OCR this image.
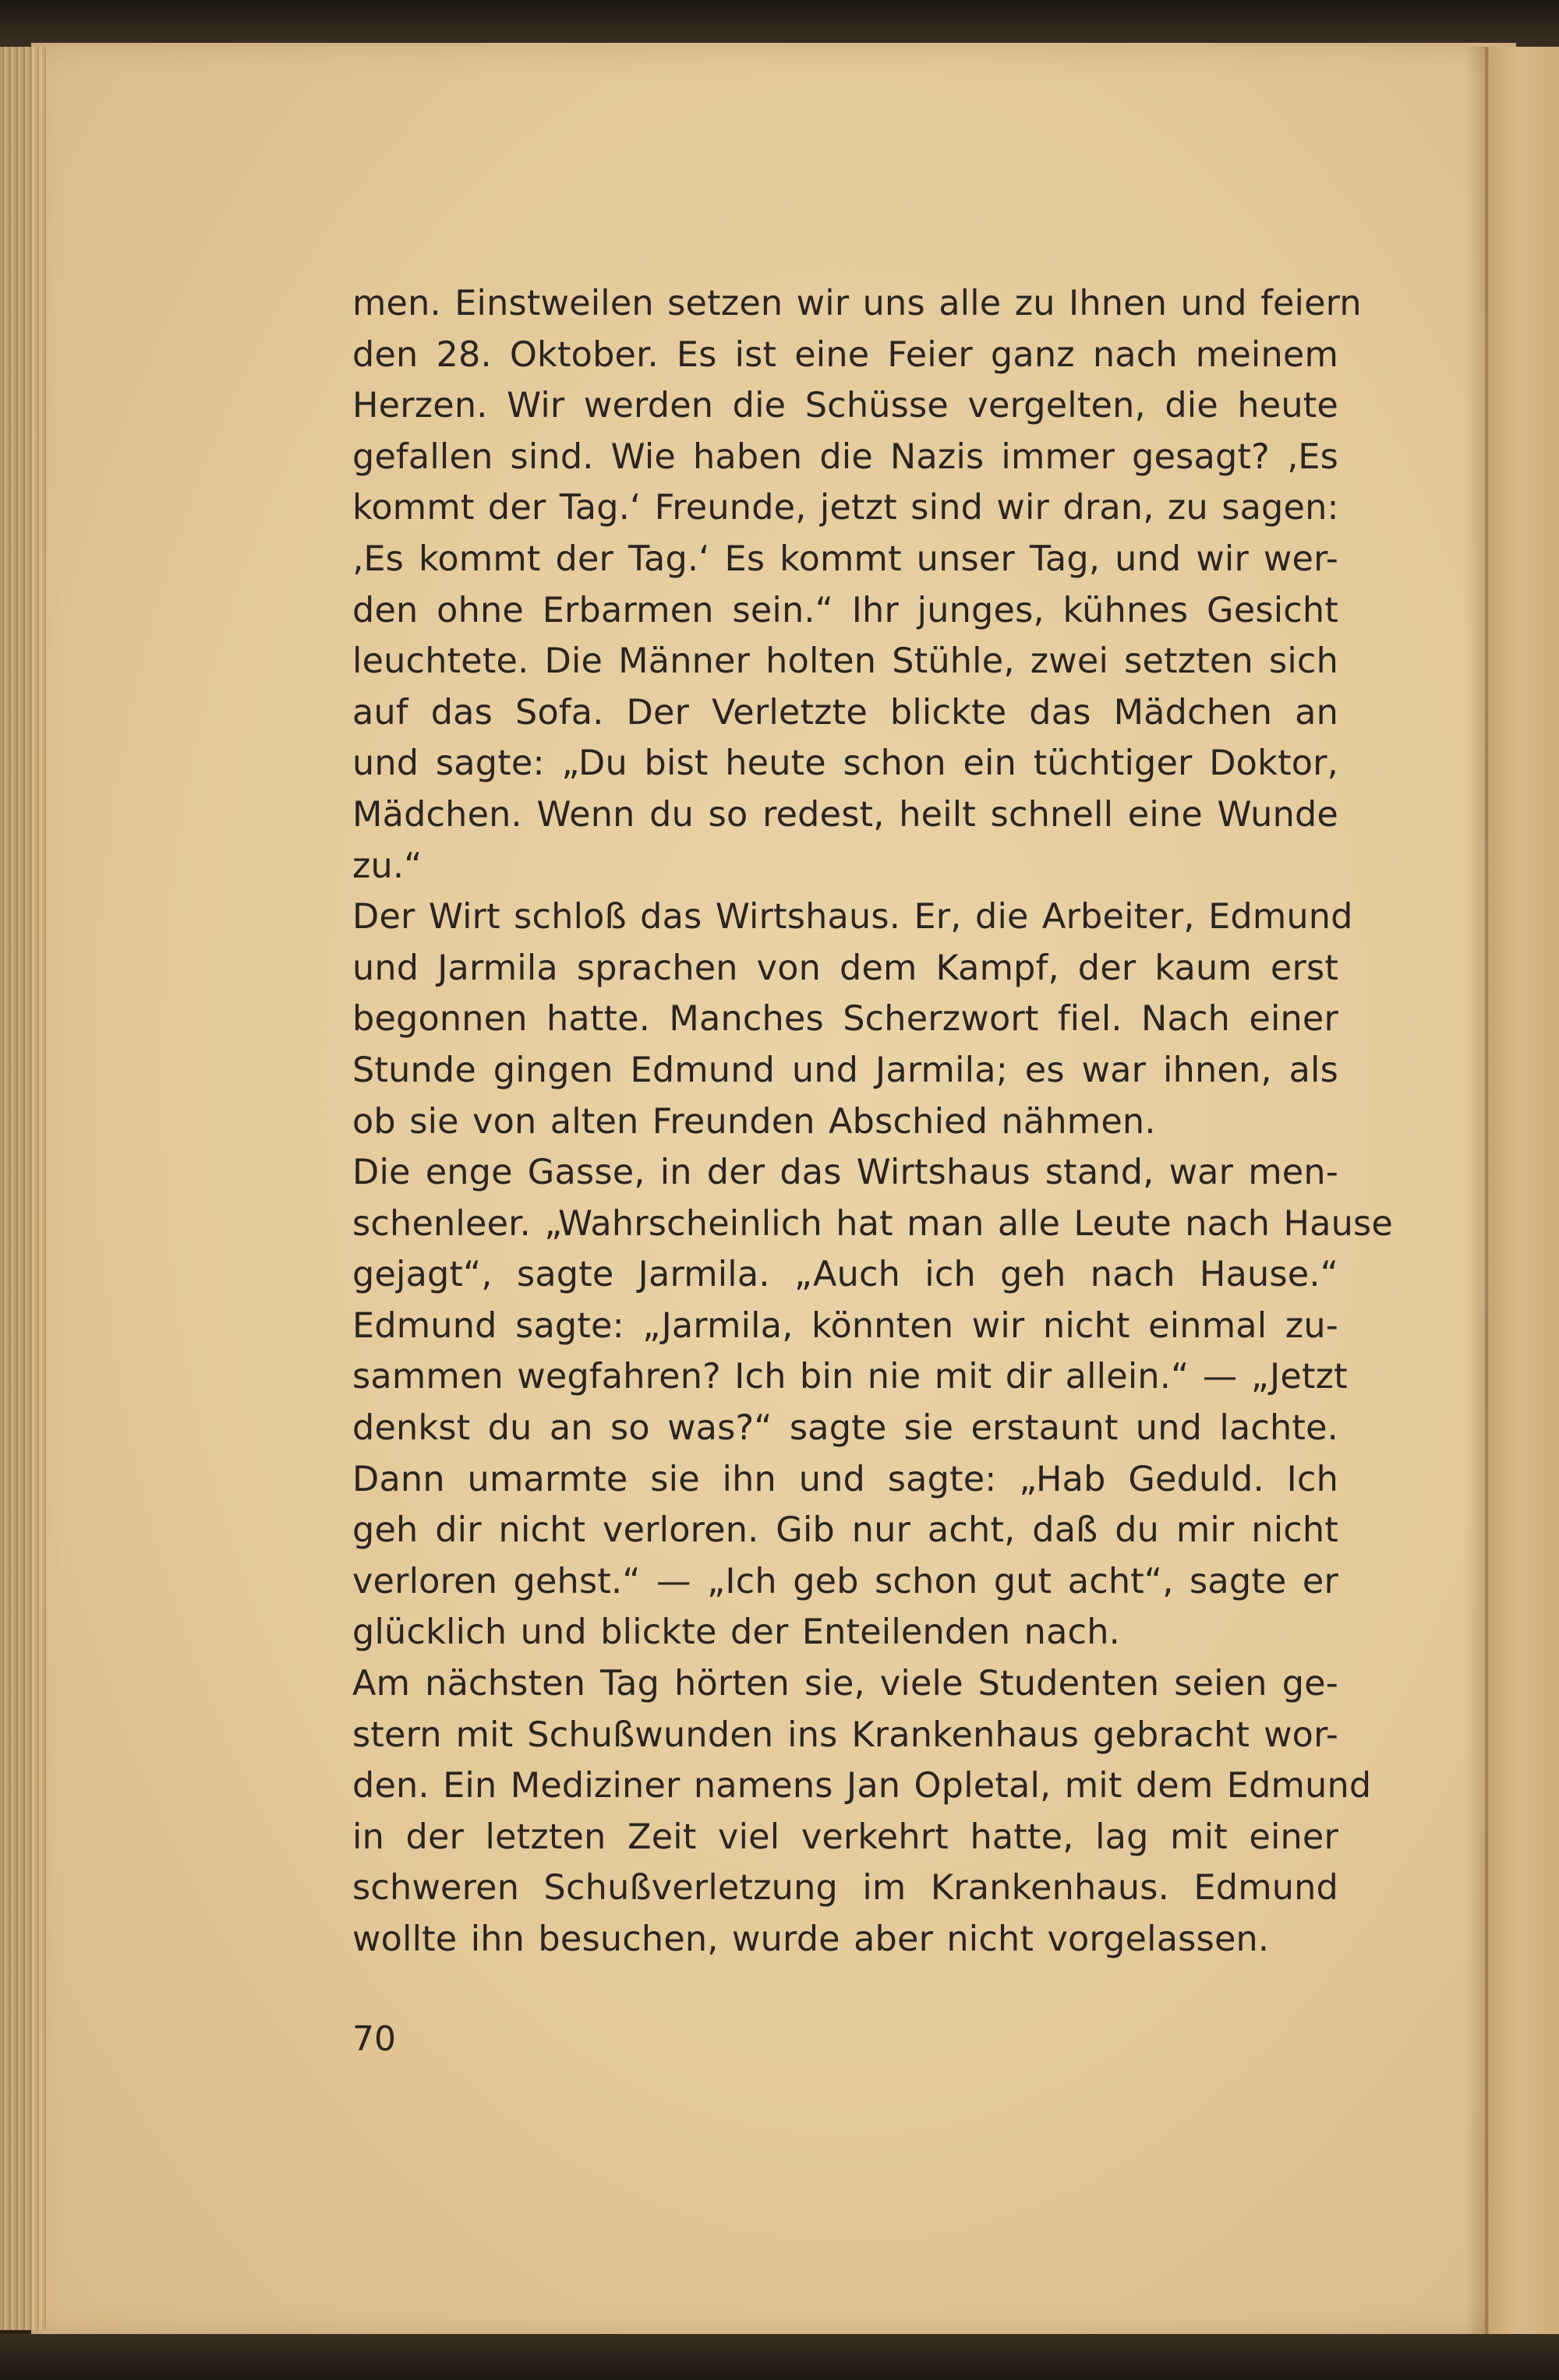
men. Einstweilen setzen wir uns alle zu Ihnen und feiern
den 28. Oktober. Es ist eine Feier ganz nach meinem
Herzen. Wir werden die Schüsse vergelten, die heute
gefallen sind. Wie haben die Nazis immer gesagt? ‚Es
kommt der Tag.‘ Freunde, jetzt sind wir dran, zu sagen:
‚Es kommt der Tag.‘ Es kommt unser Tag, und wir wer-
den ohne Erbarmen sein.“ Ihr junges, kühnes Gesicht
leuchtete. Die Männer holten Stühle, zwei setzten sich
auf das Sofa. Der Verletzte blickte das Mädchen an
und sagte: „Du bist heute schon ein tüchtiger Doktor,
Mädchen. Wenn du so redest, heilt schnell eine Wunde
zu.“
Der Wirt schloß das Wirtshaus. Er, die Arbeiter, Edmund
und Jarmila sprachen von dem Kampf, der kaum erst
begonnen hatte. Manches Scherzwort fiel. Nach einer
Stunde gingen Edmund und Jarmila; es war ihnen, als
ob sie von alten Freunden Abschied nähmen.
Die enge Gasse, in der das Wirtshaus stand, war men-
schenleer. „Wahrscheinlich hat man alle Leute nach Hause
gejagt“, sagte Jarmila. „Auch ich geh nach Hause.“
Edmund sagte: „Jarmila, könnten wir nicht einmal zu-
sammen wegfahren? Ich bin nie mit dir allein.“ — „Jetzt
denkst du an so was?“ sagte sie erstaunt und lachte.
Dann umarmte sie ihn und sagte: „Hab Geduld. Ich
geh dir nicht verloren. Gib nur acht, daß du mir nicht
verloren gehst.“ — „Ich geb schon gut acht“, sagte er
glücklich und blickte der Enteilenden nach.
Am nächsten Tag hörten sie, viele Studenten seien ge-
stern mit Schußwunden ins Krankenhaus gebracht wor-
den. Ein Mediziner namens Jan Opletal, mit dem Edmund
in der letzten Zeit viel verkehrt hatte, lag mit einer
schweren Schußverletzung im Krankenhaus. Edmund
wollte ihn besuchen, wurde aber nicht vorgelassen.
70
